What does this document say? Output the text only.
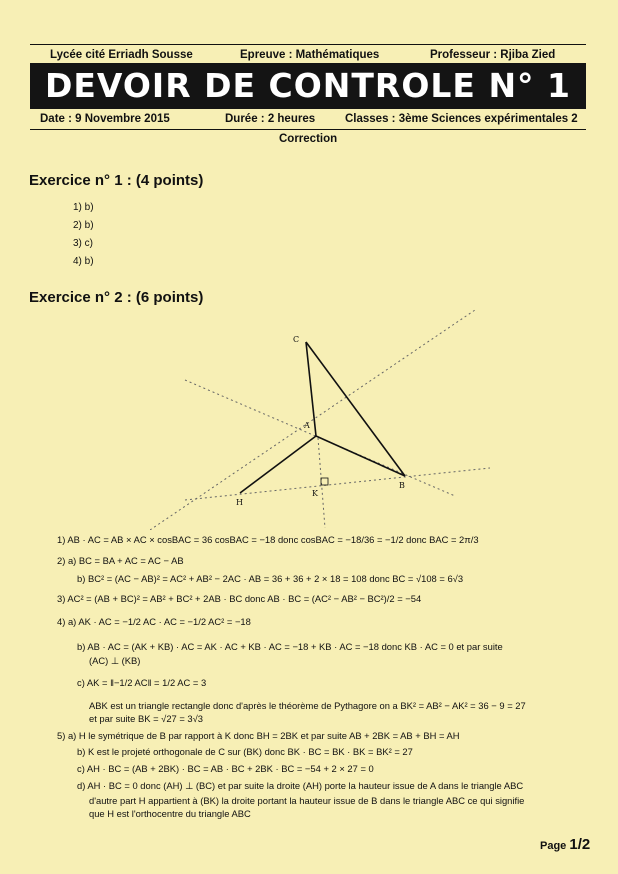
Lycée cité Erriadh Sousse	Epreuve : Mathématiques	Professeur : Rjiba Zied
DEVOIR DE CONTROLE N° 1
Date : 9 Novembre 2015	Durée : 2 heures	Classes : 3ème Sciences expérimentales 2
Correction
Exercice n° 1 : (4 points)
1) b)
2) b)
3) c)
4) b)
Exercice n° 2 : (6 points)
C
A
K
B
H
1) AB · AC = AB × AC × cosBAC = 36 cosBAC = −18 donc cosBAC = −18/36 = −1/2 donc BAC = 2π/3
2) a) BC = BA + AC = AC − AB
b) BC² = (AC − AB)² = AC² + AB² − 2AC · AB = 36 + 36 + 2 × 18 = 108 donc BC = √108 = 6√3
3) AC² = (AB + BC)² = AB² + BC² + 2AB · BC donc AB · BC = (AC² − AB² − BC²)/2 = −54
4) a) AK · AC = −1/2 AC · AC = −1/2 AC² = −18
b) AB · AC = (AK + KB) · AC = AK · AC + KB · AC = −18 + KB · AC = −18 donc KB · AC = 0 et par suite
(AC) ⊥ (KB)
c) AK = ‖−1/2 AC‖ = 1/2 AC = 3
ABK est un triangle rectangle donc d'après le théorème de Pythagore on a BK² = AB² − AK² = 36 − 9 = 27
et par suite BK = √27 = 3√3
5) a) H le symétrique de B par rapport à K donc BH = 2BK et par suite AB + 2BK = AB + BH = AH
b) K est le projeté orthogonale de C sur (BK) donc BK · BC = BK · BK = BK² = 27
c) AH · BC = (AB + 2BK) · BC = AB · BC + 2BK · BC = −54 + 2 × 27 = 0
d) AH · BC = 0 donc (AH) ⊥ (BC) et par suite la droite (AH) porte la hauteur issue de A dans le triangle ABC
d'autre part H appartient à (BK) la droite portant la hauteur issue de B dans le triangle ABC ce qui signifie
que H est l'orthocentre du triangle ABC
Page 1/2
